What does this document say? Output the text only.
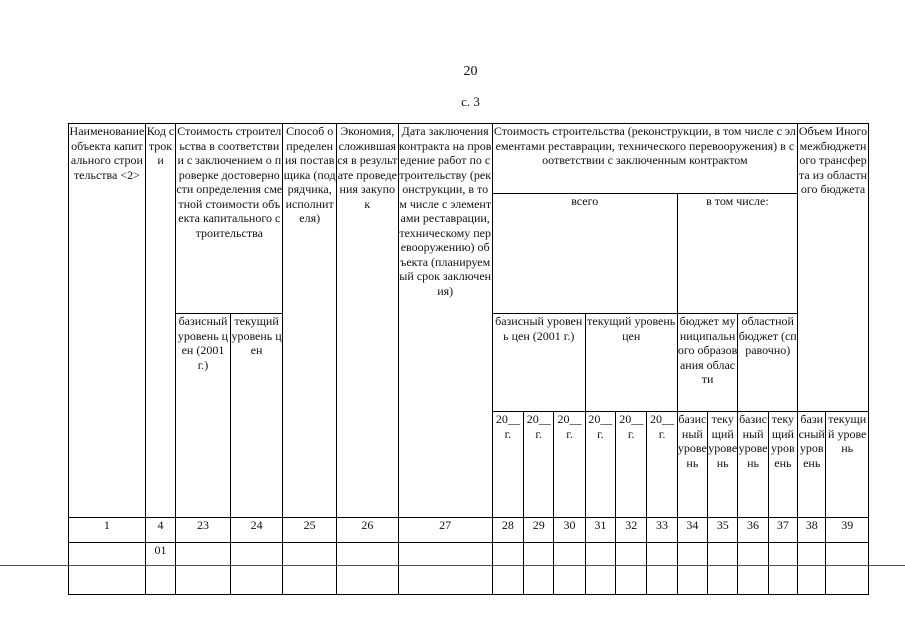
20
с. 3
Наименование объекта капитального строительства <2>	Код строки	Стоимость строительства в соответствии с заключением о проверке достоверности определения сметной стоимости объекта капитального строительства		Способ определения поставщика (подрядчика, исполнителя)	Экономия, сложившаяся в результате проведения закупок	Дата заключения контракта на проведение работ по строительству (реконструкции, в том числе с элементами реставрации, техническому перевооружению) объекта (планируемый срок заключения)	Стоимость строительства (реконструкции, в том числе с элементами реставрации, технического перевооружения) в соответствии с заключенным контрактом										Объем Иного межбюджетного трансферта из областного бюджета	
							всего						в том числе:					
		базисный уровень цен (2001 г.)	текущий уровень цен				базисный уровень цен (2001 г.)			текущий уровень цен			бюджет муниципального образования области		областной бюджет (справочно)			
							20__ г.	20__ г.	20__ г.	20__ г.	20__ г.	20__ г.	базисный уровень	текущий уровень	базисный уровень	текущий уровень	базисный уровень	текущий уровень
1	4	23	24	25	26	27	28	29	30	31	32	33	34	35	36	37	38	39
	01																	
